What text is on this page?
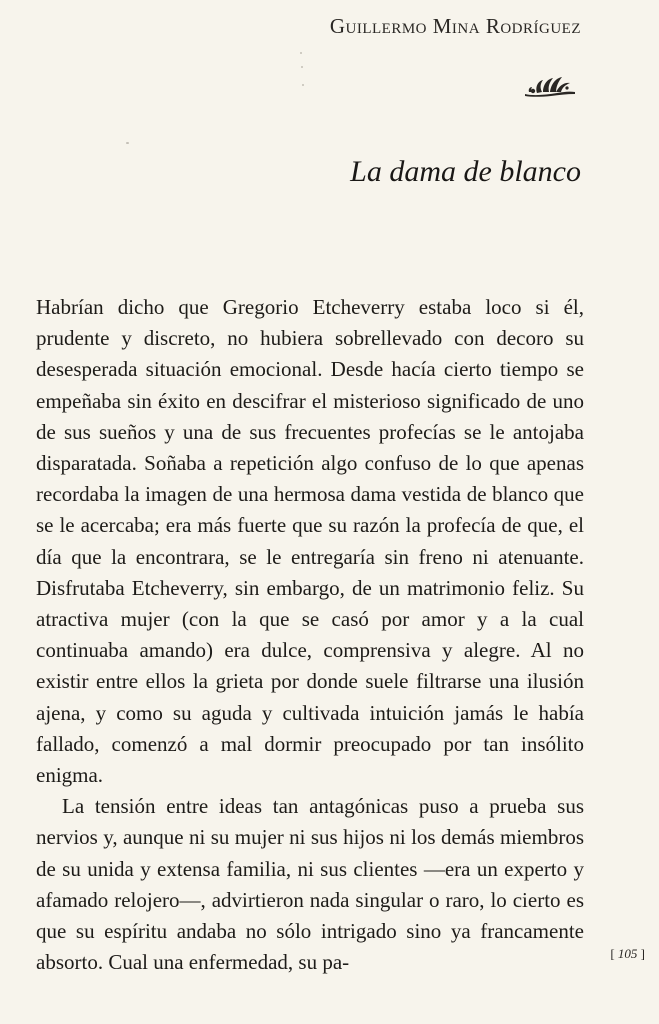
Guillermo Mina Rodríguez
La dama de blanco

Habrían dicho que Gregorio Etcheverry estaba loco si él, prudente y discreto, no hubiera sobrellevado con decoro su desesperada situación emocional. Desde hacía cierto tiempo se empeñaba sin éxito en descifrar el misterioso significado de uno de sus sueños y una de sus frecuentes profecías se le antojaba disparatada. Soñaba a repetición algo confuso de lo que apenas recordaba la imagen de una hermosa dama vestida de blanco que se le acercaba; era más fuerte que su razón la profecía de que, el día que la encontrara, se le entregaría sin freno ni atenuante. Disfrutaba Etcheverry, sin embargo, de un matrimonio feliz. Su atractiva mujer (con la que se casó por amor y a la cual continuaba amando) era dulce, comprensiva y alegre. Al no existir entre ellos la grieta por donde suele filtrarse una ilusión ajena, y como su aguda y cultivada intuición jamás le había fallado, comenzó a mal dormir preocupado por tan insólito enigma.

La tensión entre ideas tan antagónicas puso a prueba sus nervios y, aunque ni su mujer ni sus hijos ni los demás miembros de su unida y extensa familia, ni sus clientes —era un experto y afamado relojero—, advirtieron nada singular o raro, lo cierto es que su espíritu andaba no sólo intrigado sino ya francamente absorto. Cual una enfermedad, su pa-	[ 105 ]
